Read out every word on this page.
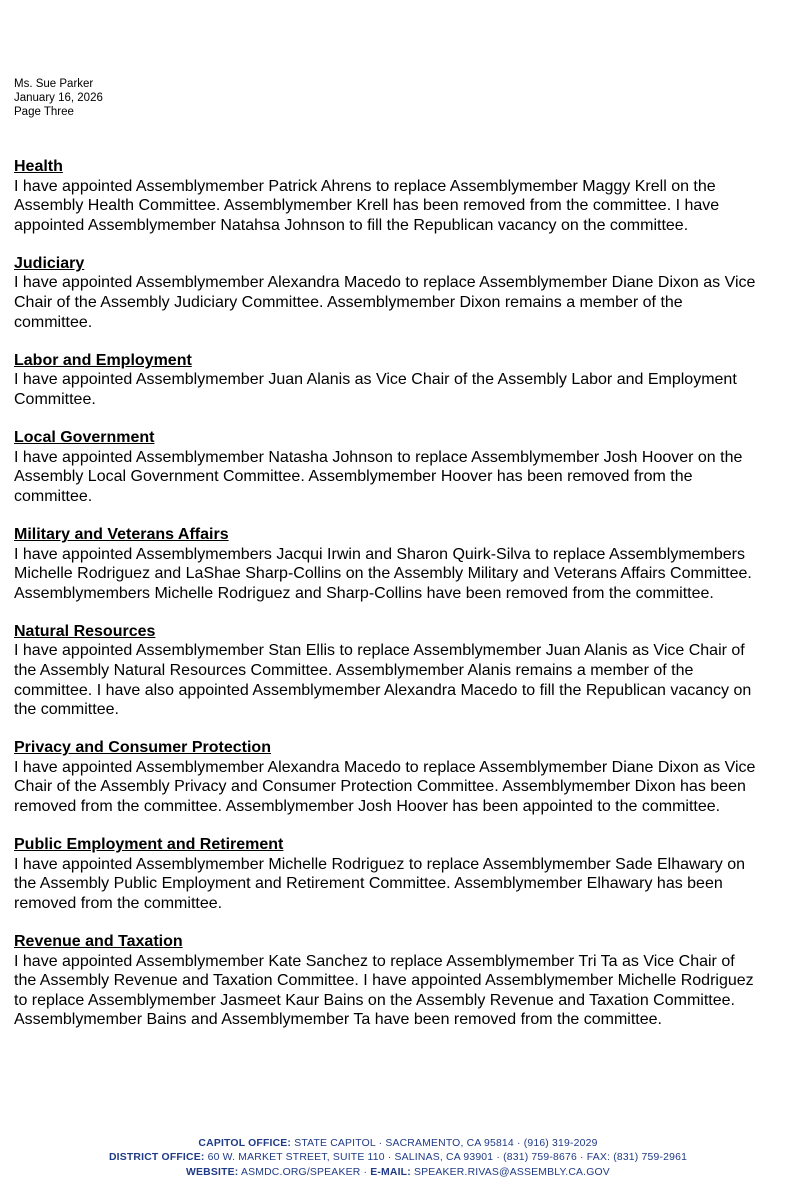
Ms. Sue Parker
January 16, 2026
Page Three
Health
I have appointed Assemblymember Patrick Ahrens to replace Assemblymember Maggy Krell on the
Assembly Health Committee. Assemblymember Krell has been removed from the committee. I have
appointed Assemblymember Natahsa Johnson to fill the Republican vacancy on the committee.
Judiciary
I have appointed Assemblymember Alexandra Macedo to replace Assemblymember Diane Dixon as Vice
Chair of the Assembly Judiciary Committee. Assemblymember Dixon remains a member of the
committee.
Labor and Employment
I have appointed Assemblymember Juan Alanis as Vice Chair of the Assembly Labor and Employment
Committee.
Local Government
I have appointed Assemblymember Natasha Johnson to replace Assemblymember Josh Hoover on the
Assembly Local Government Committee. Assemblymember Hoover has been removed from the
committee.
Military and Veterans Affairs
I have appointed Assemblymembers Jacqui Irwin and Sharon Quirk-Silva to replace Assemblymembers
Michelle Rodriguez and LaShae Sharp-Collins on the Assembly Military and Veterans Affairs Committee.
Assemblymembers Michelle Rodriguez and Sharp-Collins have been removed from the committee.
Natural Resources
I have appointed Assemblymember Stan Ellis to replace Assemblymember Juan Alanis as Vice Chair of
the Assembly Natural Resources Committee. Assemblymember Alanis remains a member of the
committee. I have also appointed Assemblymember Alexandra Macedo to fill the Republican vacancy on
the committee.
Privacy and Consumer Protection
I have appointed Assemblymember Alexandra Macedo to replace Assemblymember Diane Dixon as Vice
Chair of the Assembly Privacy and Consumer Protection Committee. Assemblymember Dixon has been
removed from the committee. Assemblymember Josh Hoover has been appointed to the committee.
Public Employment and Retirement
I have appointed Assemblymember Michelle Rodriguez to replace Assemblymember Sade Elhawary on
the Assembly Public Employment and Retirement Committee. Assemblymember Elhawary has been
removed from the committee.
Revenue and Taxation
I have appointed Assemblymember Kate Sanchez to replace Assemblymember Tri Ta as Vice Chair of
the Assembly Revenue and Taxation Committee. I have appointed Assemblymember Michelle Rodriguez
to replace Assemblymember Jasmeet Kaur Bains on the Assembly Revenue and Taxation Committee.
Assemblymember Bains and Assemblymember Ta have been removed from the committee.
CAPITOL OFFICE: STATE CAPITOL · SACRAMENTO, CA 95814 · (916) 319-2029
DISTRICT OFFICE: 60 W. MARKET STREET, SUITE 110 · SALINAS, CA 93901 · (831) 759-8676 · FAX: (831) 759-2961
WEBSITE: ASMDC.ORG/SPEAKER · E-MAIL: SPEAKER.RIVAS@ASSEMBLY.CA.GOV
